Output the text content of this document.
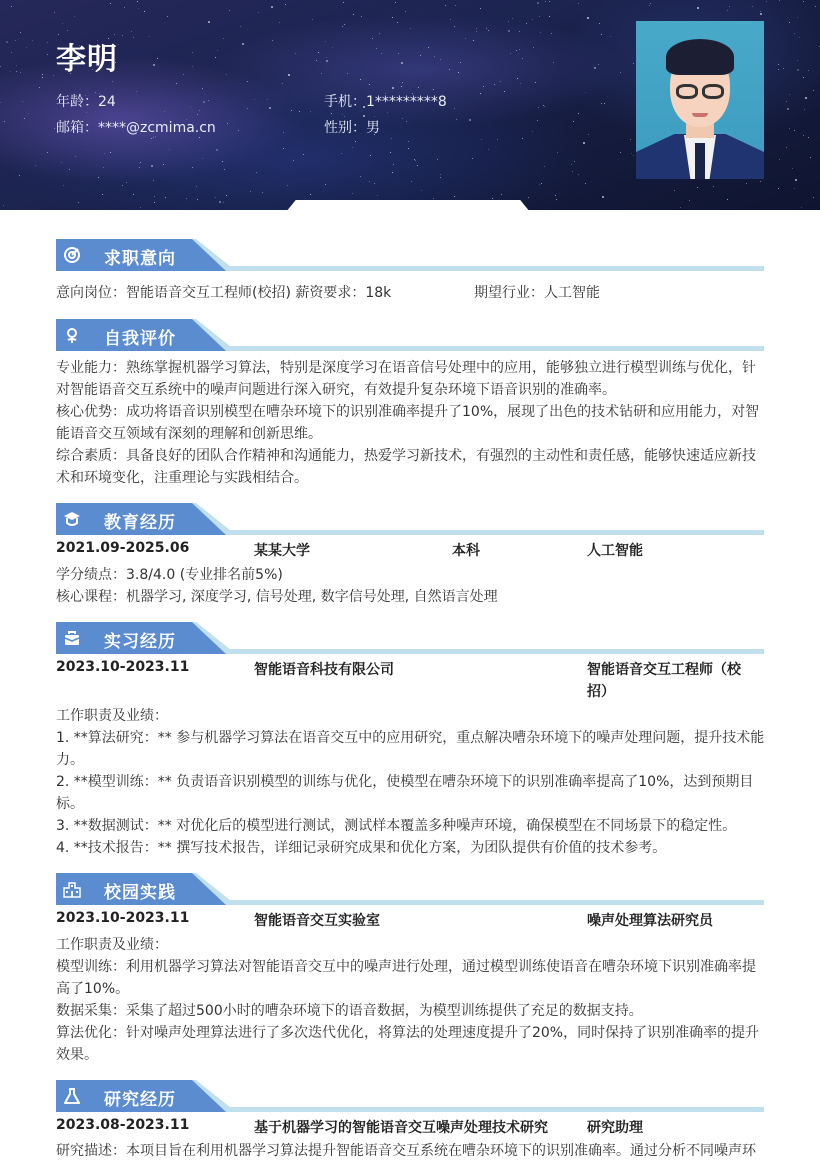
李明
年龄：24
邮箱：****@zcmima.cn
手机：1*********8
性别：男
求职意向
意向岗位：智能语音交互工程师(校招) 薪资要求：18k	期望行业：人工智能
自我评价
专业能力：熟练掌握机器学习算法，特别是深度学习在语音信号处理中的应用，能够独立进行模型训练与优化，针对智能语音交互系统中的噪声问题进行深入研究，有效提升复杂环境下语音识别的准确率。
核心优势：成功将语音识别模型在嘈杂环境下的识别准确率提升了10%，展现了出色的技术钻研和应用能力，对智能语音交互领域有深刻的理解和创新思维。
综合素质：具备良好的团队合作精神和沟通能力，热爱学习新技术，有强烈的主动性和责任感，能够快速适应新技术和环境变化，注重理论与实践相结合。
教育经历
2021.09-2025.06	某某大学	本科	人工智能
学分绩点：3.8/4.0 (专业排名前5%)
核心课程：机器学习, 深度学习, 信号处理, 数字信号处理, 自然语言处理
实习经历
2023.10-2023.11	智能语音科技有限公司	智能语音交互工程师（校招）
工作职责及业绩：
1. **算法研究：** 参与机器学习算法在语音交互中的应用研究，重点解决嘈杂环境下的噪声处理问题，提升技术能力。
2. **模型训练：** 负责语音识别模型的训练与优化，使模型在嘈杂环境下的识别准确率提高了10%，达到预期目标。
3. **数据测试：** 对优化后的模型进行测试，测试样本覆盖多种噪声环境，确保模型在不同场景下的稳定性。
4. **技术报告：** 撰写技术报告，详细记录研究成果和优化方案，为团队提供有价值的技术参考。
校园实践
2023.10-2023.11	智能语音交互实验室	噪声处理算法研究员
工作职责及业绩：
模型训练：利用机器学习算法对智能语音交互中的噪声进行处理，通过模型训练使语音在嘈杂环境下识别准确率提高了10%。
数据采集：采集了超过500小时的嘈杂环境下的语音数据，为模型训练提供了充足的数据支持。
算法优化：针对噪声处理算法进行了多次迭代优化，将算法的处理速度提升了20%，同时保持了识别准确率的提升效果。
研究经历
2023.08-2023.11	基于机器学习的智能语音交互噪声处理技术研究	研究助理
研究描述：本项目旨在利用机器学习算法提升智能语音交互系统在嘈杂环境下的识别准确率。通过分析不同噪声环
